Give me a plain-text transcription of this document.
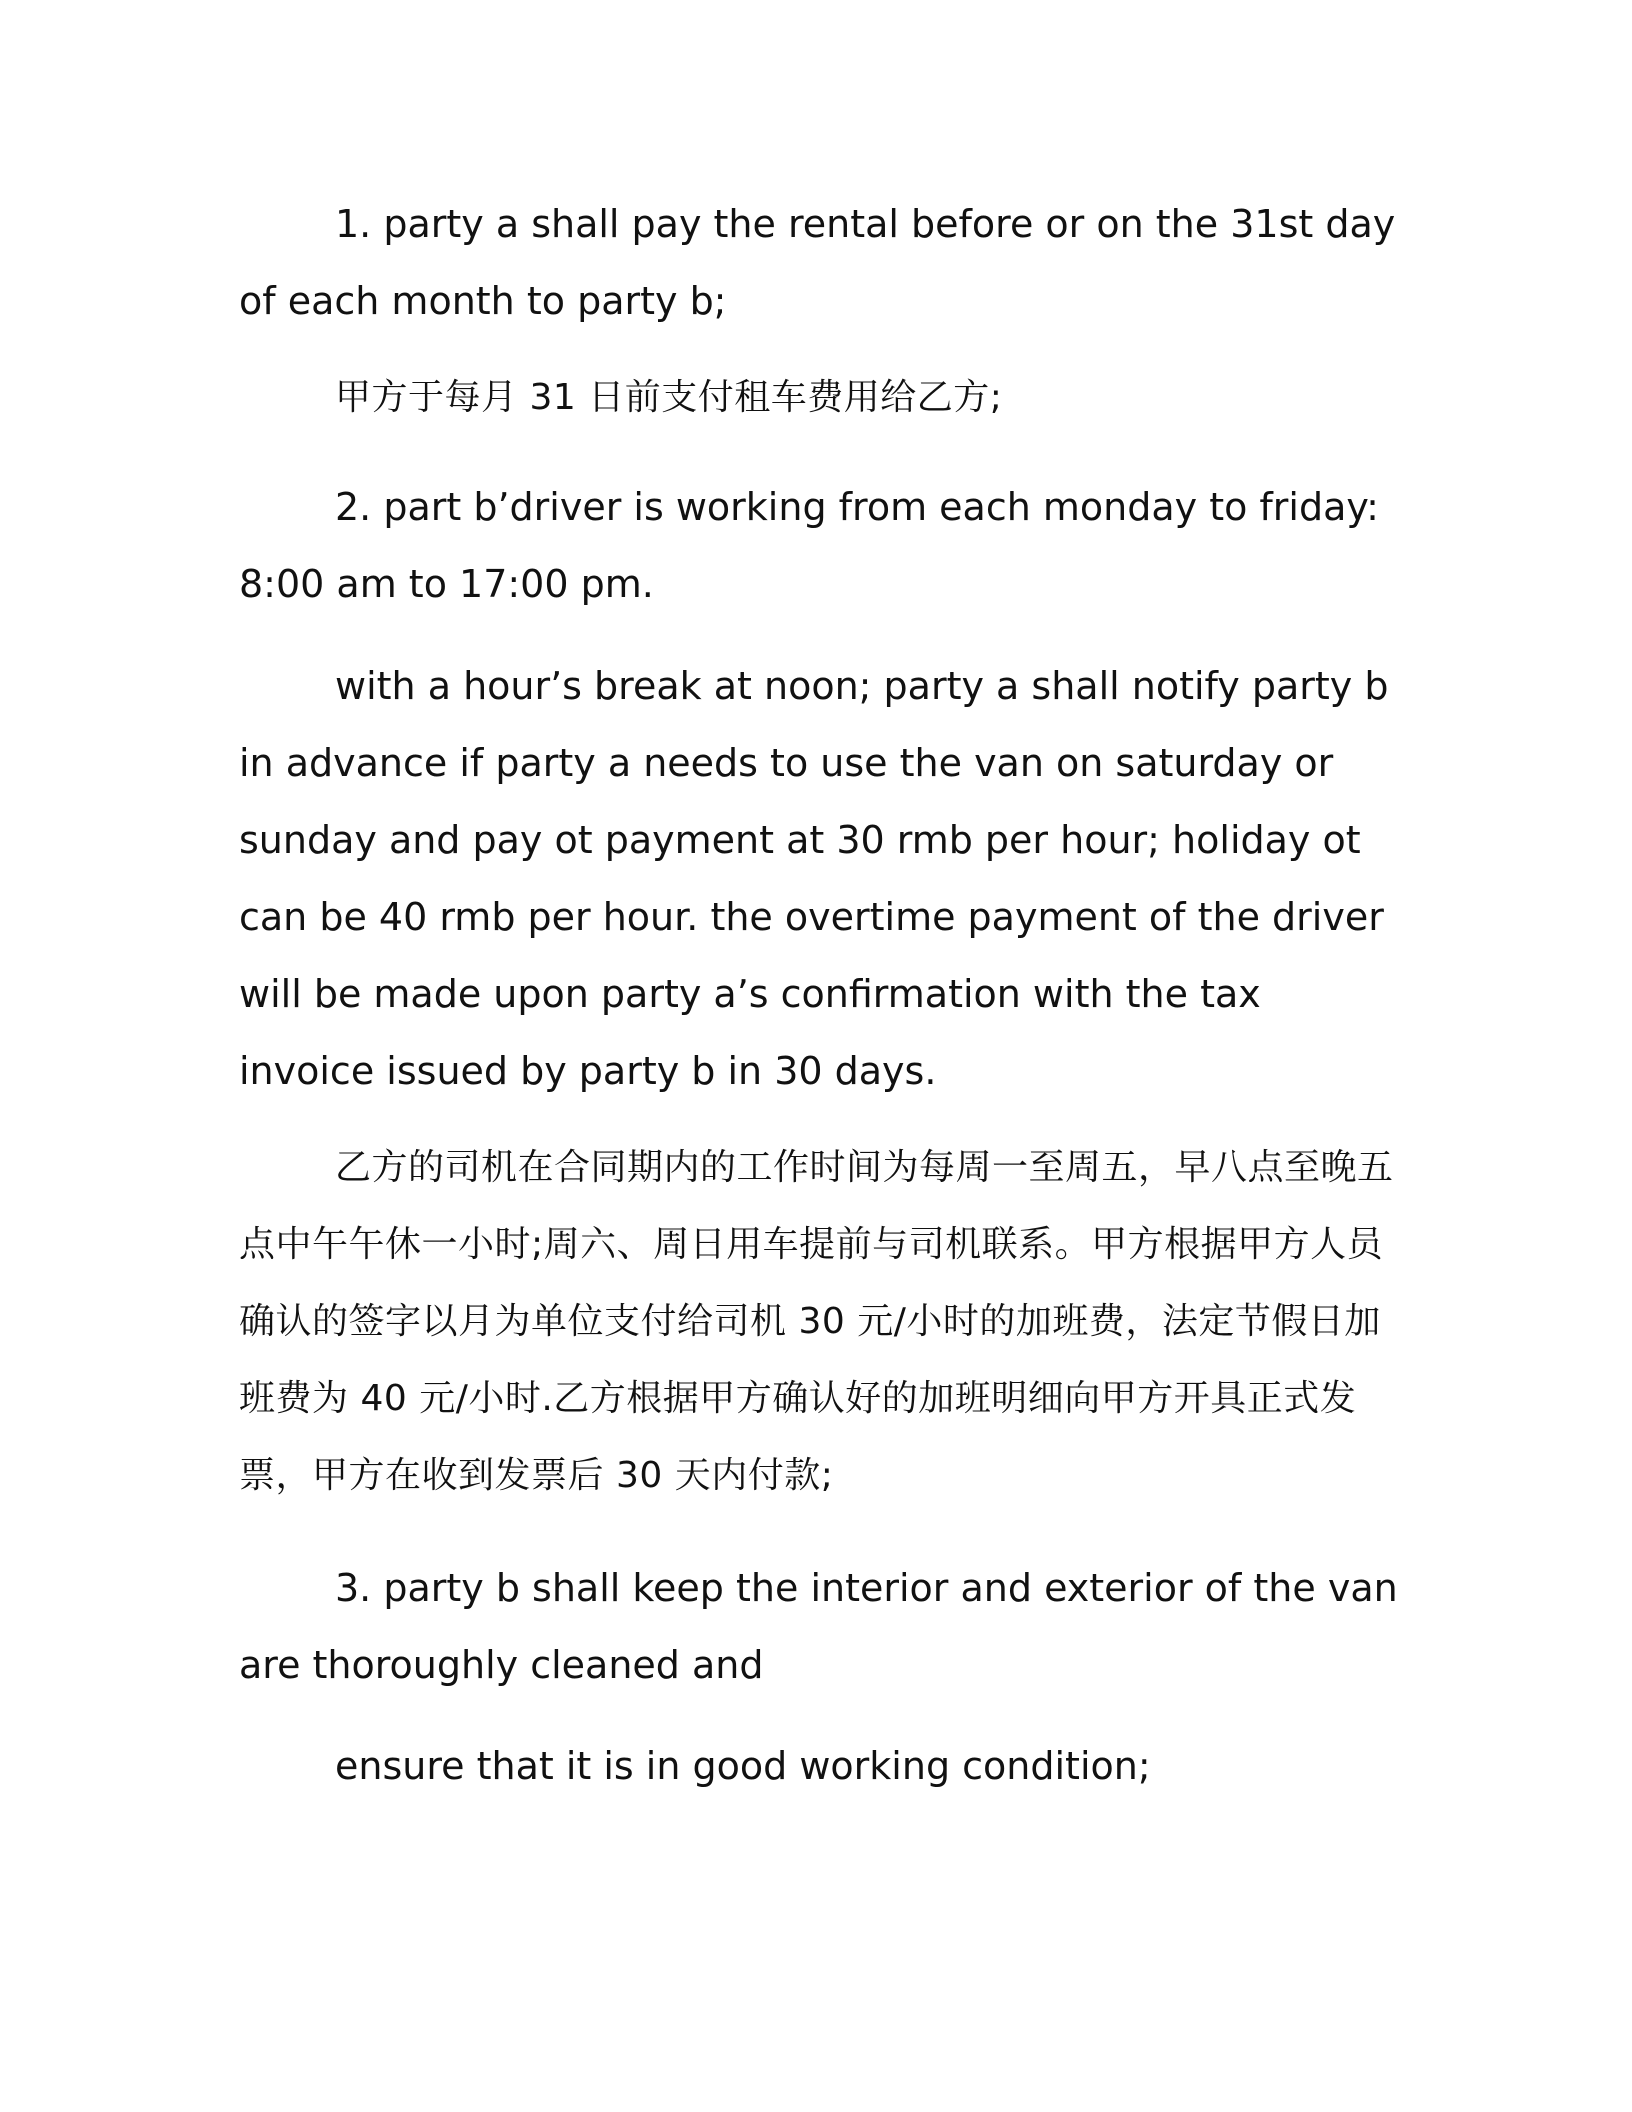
1. party a shall pay the rental before or on the 31st day of each month to party b;

甲方于每月 31 日前支付租车费用给乙方;

2. part b’driver is working from each monday to friday: 8:00 am to 17:00 pm.

with a hour’s break at noon; party a shall notify party b in advance if party a needs to use the van on saturday or sunday and pay ot payment at 30 rmb per hour; holiday ot can be 40 rmb per hour. the overtime payment of the driver will be made upon party a’s confirmation with the tax invoice issued by party b in 30 days.

乙方的司机在合同期内的工作时间为每周一至周五，早八点至晚五点中午午休一小时;周六、周日用车提前与司机联系。甲方根据甲方人员确认的签字以月为单位支付给司机 30 元/小时的加班费，法定节假日加班费为 40 元/小时.乙方根据甲方确认好的加班明细向甲方开具正式发票，甲方在收到发票后 30 天内付款;

3. party b shall keep the interior and exterior of the van are thoroughly cleaned and

ensure that it is in good working condition;
